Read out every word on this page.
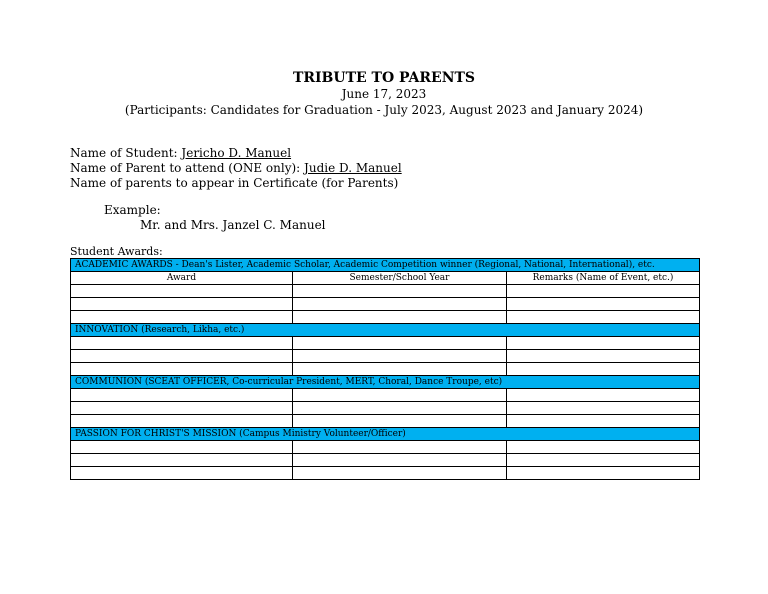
TRIBUTE TO PARENTS
June 17, 2023
(Participants: Candidates for Graduation - July 2023, August 2023 and January 2024)
Name of Student: Jericho D. Manuel
Name of Parent to attend (ONE only): Judie D. Manuel
Name of parents to appear in Certificate (for Parents)
Example:
Mr. and Mrs. Janzel C. Manuel
Student Awards:
ACADEMIC AWARDS - Dean's Lister, Academic Scholar, Academic Competition winner (Regional, National, International), etc.		
Award	Semester/School Year	Remarks (Name of Event, etc.)

INNOVATION (Research, Likha, etc.)		

COMMUNION (SCEAT OFFICER, Co-curricular President, MERT, Choral, Dance Troupe, etc)		

PASSION FOR CHRIST'S MISSION (Campus Ministry Volunteer/Officer)		
